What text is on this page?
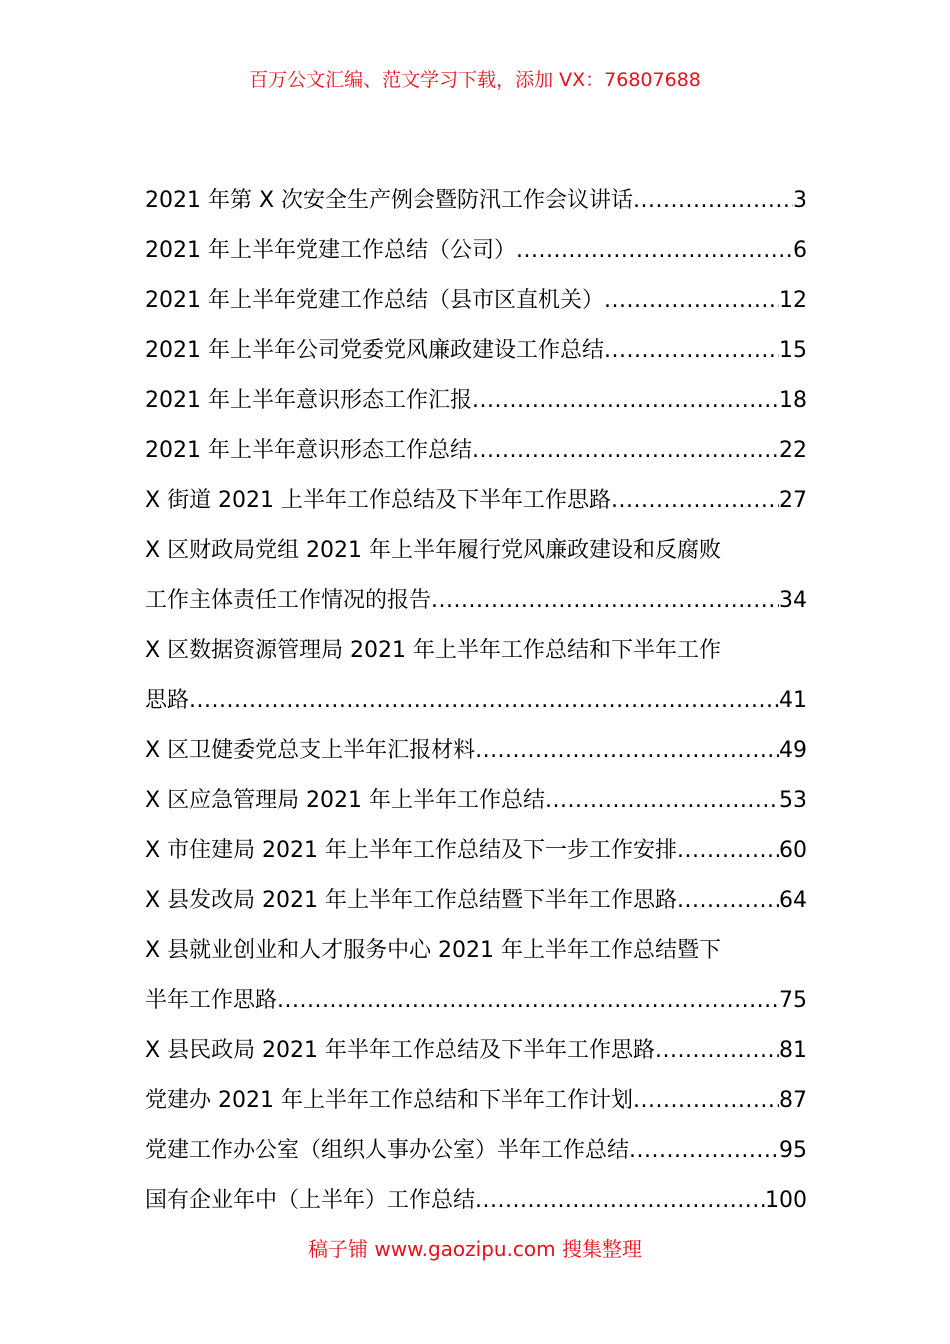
百万公文汇编、范文学习下载，添加 VX：76807688
2021 年第 X 次安全生产例会暨防汛工作会议讲话 .....	3
2021 年上半年党建工作总结（公司） .....	6
2021 年上半年党建工作总结（县市区直机关） .....	12
2021 年上半年公司党委党风廉政建设工作总结 .....	15
2021 年上半年意识形态工作汇报 .....	18
2021 年上半年意识形态工作总结 .....	22
X 街道 2021 上半年工作总结及下半年工作思路 .....	27
X 区财政局党组 2021 年上半年履行党风廉政建设和反腐败
工作主体责任工作情况的报告 .....	34
X 区数据资源管理局 2021 年上半年工作总结和下半年工作
思路 .....	41
X 区卫健委党总支上半年汇报材料 .....	49
X 区应急管理局 2021 年上半年工作总结 .....	53
X 市住建局 2021 年上半年工作总结及下一步工作安排 .....	60
X 县发改局 2021 年上半年工作总结暨下半年工作思路 .....	64
X 县就业创业和人才服务中心 2021 年上半年工作总结暨下
半年工作思路 .....	75
X 县民政局 2021 年半年工作总结及下半年工作思路 .....	81
党建办 2021 年上半年工作总结和下半年工作计划 .....	87
党建工作办公室（组织人事办公室）半年工作总结 .....	95
国有企业年中（上半年）工作总结 .....	100
稿子铺 www.gaozipu.com 搜集整理
